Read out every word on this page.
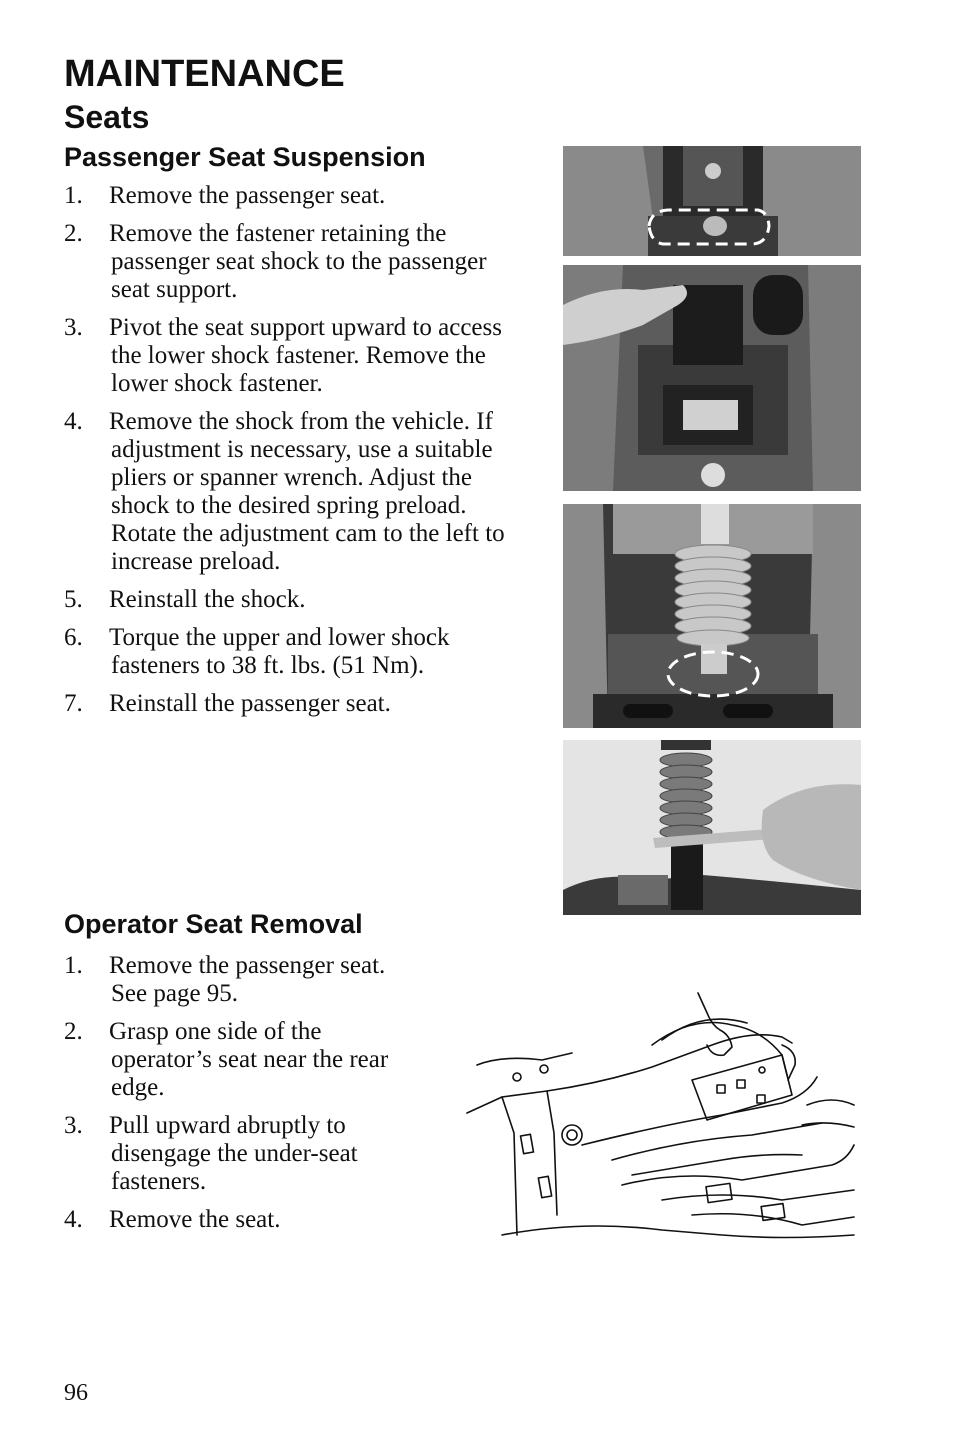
MAINTENANCE
Seats
Passenger Seat Suspension
1. Remove the passenger seat.
2. Remove the fastener retaining the passenger seat shock to the passenger seat support.
3. Pivot the seat support upward to access the lower shock fastener. Remove the lower shock fastener.
4. Remove the shock from the vehicle. If adjustment is necessary, use a suitable pliers or spanner wrench. Adjust the shock to the desired spring preload. Rotate the adjustment cam to the left to increase preload.
5. Reinstall the shock.
6. Torque the upper and lower shock fasteners to 38 ft. lbs. (51 Nm).
7. Reinstall the passenger seat.
Operator Seat Removal
1. Remove the passenger seat. See page 95.
2. Grasp one side of the operator’s seat near the rear edge.
3. Pull upward abruptly to disengage the under-seat fasteners.
4. Remove the seat.
96
